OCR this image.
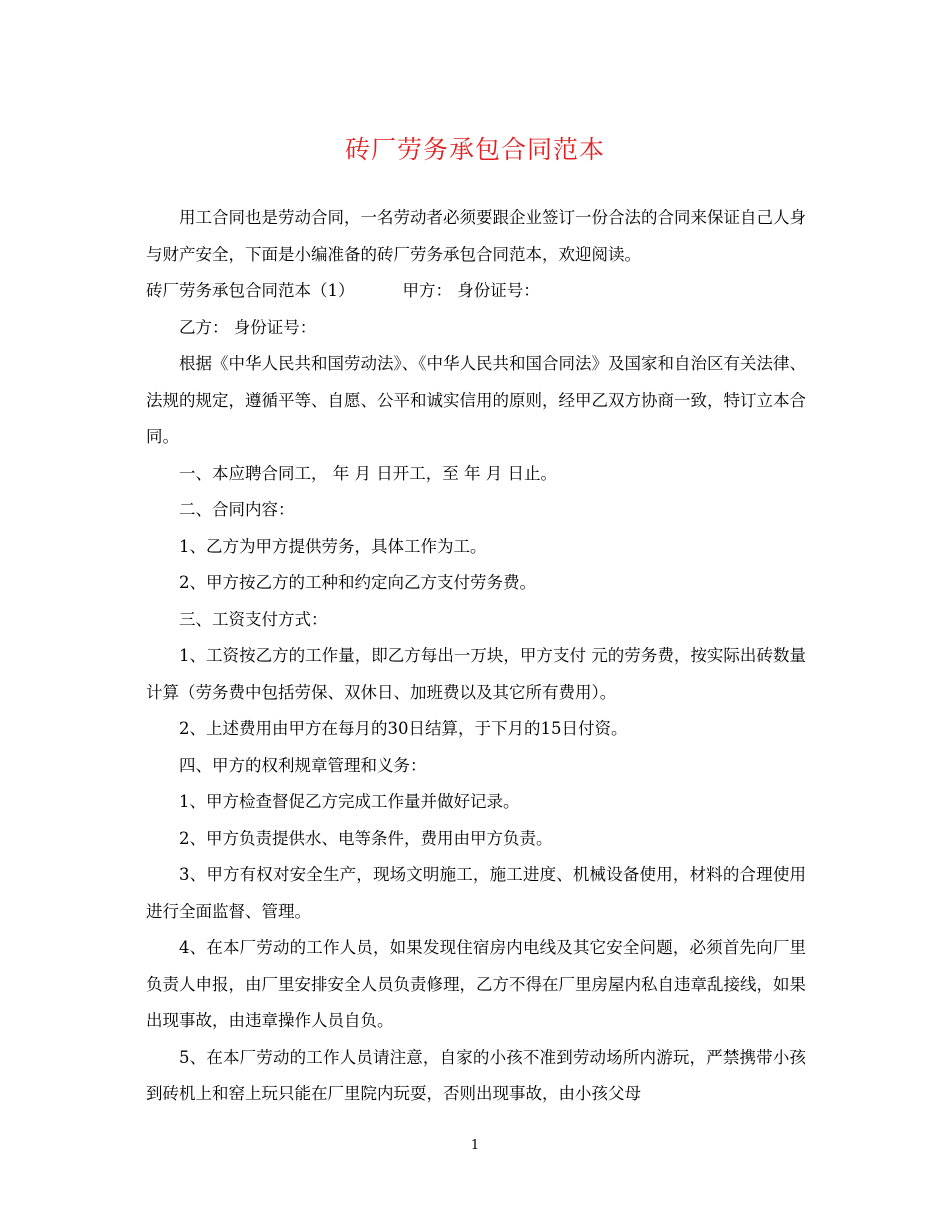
砖厂劳务承包合同范本

用工合同也是劳动合同，一名劳动者必须要跟企业签订一份合法的合同来保证自己人身与财产安全，下面是小编准备的砖厂劳务承包合同范本，欢迎阅读。

砖厂劳务承包合同范本（1）	甲方： 身份证号：

乙方： 身份证号：

根据《中华人民共和国劳动法》、《中华人民共和国合同法》及国家和自治区有关法律、法规的规定，遵循平等、自愿、公平和诚实信用的原则，经甲乙双方协商一致，特订立本合同。

一、本应聘合同工， 年 月 日开工，至 年 月 日止。

二、合同内容：

1、乙方为甲方提供劳务，具体工作为工。

2、甲方按乙方的工种和约定向乙方支付劳务费。

三、工资支付方式：

1、工资按乙方的工作量，即乙方每出一万块，甲方支付 元的劳务费，按实际出砖数量计算（劳务费中包括劳保、双休日、加班费以及其它所有费用）。

2、上述费用由甲方在每月的30日结算，于下月的15日付资。

四、甲方的权利规章管理和义务：

1、甲方检查督促乙方完成工作量并做好记录。

2、甲方负责提供水、电等条件，费用由甲方负责。

3、甲方有权对安全生产，现场文明施工，施工进度、机械设备使用，材料的合理使用进行全面监督、管理。

4、在本厂劳动的工作人员，如果发现住宿房内电线及其它安全问题，必须首先向厂里负责人申报，由厂里安排安全人员负责修理，乙方不得在厂里房屋内私自违章乱接线，如果出现事故，由违章操作人员自负。

5、在本厂劳动的工作人员请注意，自家的小孩不准到劳动场所内游玩，严禁携带小孩到砖机上和窑上玩只能在厂里院内玩耍，否则出现事故，由小孩父母

1
